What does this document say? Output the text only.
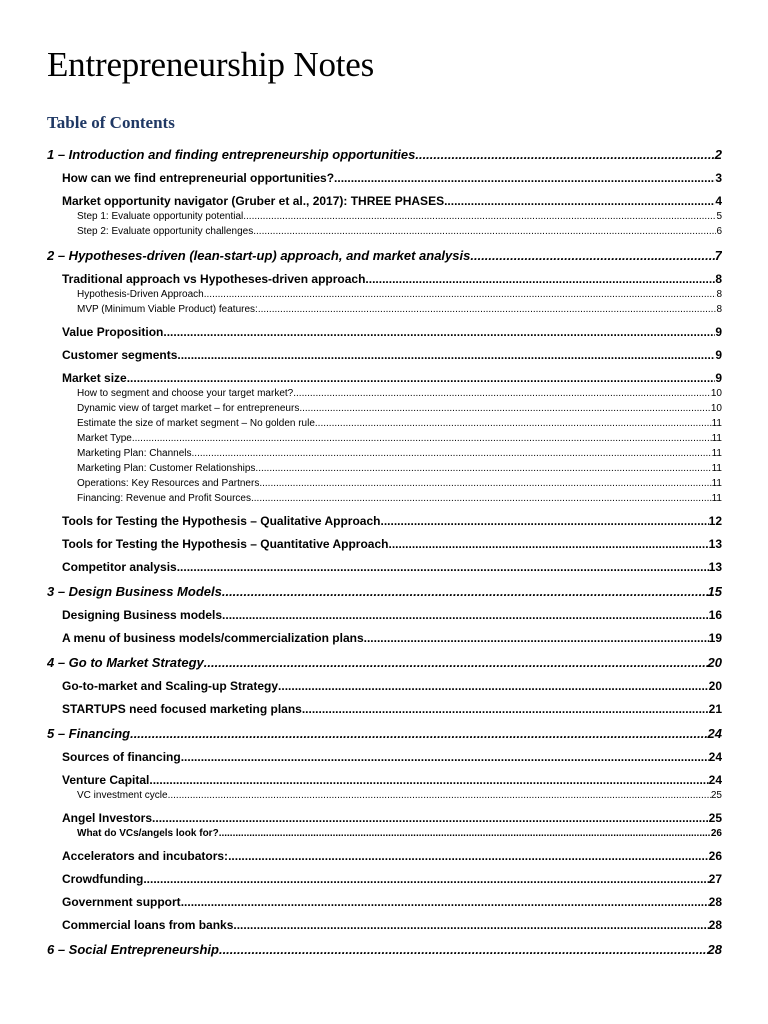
Entrepreneurship Notes
Table of Contents
1 – Introduction and finding entrepreneurship opportunities .....	2
How can we find entrepreneurial opportunities? .....	3
Market opportunity navigator (Gruber et al., 2017): THREE PHASES .....	4
Step 1: Evaluate opportunity potential .....	5
Step 2: Evaluate opportunity challenges .....	6
2 – Hypotheses-driven (lean-start-up) approach, and market analysis .....	7
Traditional approach vs Hypotheses-driven approach .....	8
Hypothesis-Driven Approach .....	8
MVP (Minimum Viable Product) features: .....	8
Value Proposition .....	9
Customer segments .....	9
Market size .....	9
How to segment and choose your target market? .....	10
Dynamic view of target market – for entrepreneurs .....	10
Estimate the size of market segment – No golden rule .....	11
Market Type .....	11
Marketing Plan: Channels .....	11
Marketing Plan: Customer Relationships .....	11
Operations: Key Resources and Partners .....	11
Financing: Revenue and Profit Sources .....	11
Tools for Testing the Hypothesis – Qualitative Approach .....	12
Tools for Testing the Hypothesis – Quantitative Approach .....	13
Competitor analysis .....	13
3 – Design Business Models .....	15
Designing Business models .....	16
A menu of business models/commercialization plans .....	19
4 – Go to Market Strategy .....	20
Go-to-market and Scaling-up Strategy .....	20
STARTUPS need focused marketing plans .....	21
5 – Financing .....	24
Sources of financing .....	24
Venture Capital .....	24
VC investment cycle .....	25
Angel Investors .....	25
What do VCs/angels look for? .....	26
Accelerators and incubators: .....	26
Crowdfunding .....	27
Government support .....	28
Commercial loans from banks .....	28
6 – Social Entrepreneurship .....	28
